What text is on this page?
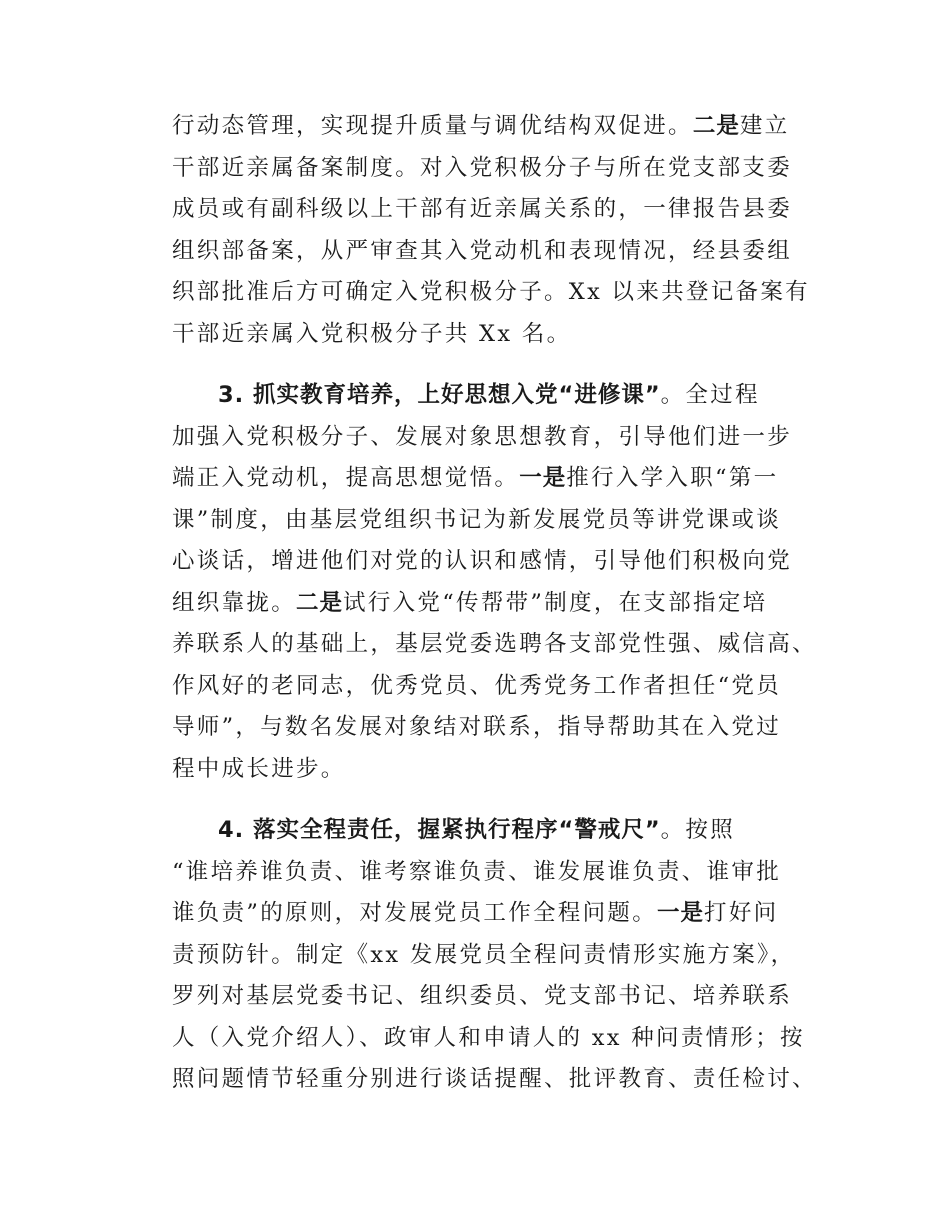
行动态管理，实现提升质量与调优结构双促进。二是建立
干部近亲属备案制度。对入党积极分子与所在党支部支委
成员或有副科级以上干部有近亲属关系的，一律报告县委
组织部备案，从严审查其入党动机和表现情况，经县委组
织部批准后方可确定入党积极分子。Xx 以来共登记备案有
干部近亲属入党积极分子共 Xx 名。
3. 抓实教育培养，上好思想入党“进修课”。全过程
加强入党积极分子、发展对象思想教育，引导他们进一步
端正入党动机，提高思想觉悟。一是推行入学入职“第一
课”制度，由基层党组织书记为新发展党员等讲党课或谈
心谈话，增进他们对党的认识和感情，引导他们积极向党
组织靠拢。二是试行入党“传帮带”制度，在支部指定培
养联系人的基础上，基层党委选聘各支部党性强、威信高、
作风好的老同志，优秀党员、优秀党务工作者担任“党员
导师”，与数名发展对象结对联系，指导帮助其在入党过
程中成长进步。
4. 落实全程责任，握紧执行程序“警戒尺”。按照
“谁培养谁负责、谁考察谁负责、谁发展谁负责、谁审批
谁负责”的原则，对发展党员工作全程问题。一是打好问
责预防针。制定《xx 发展党员全程问责情形实施方案》，
罗列对基层党委书记、组织委员、党支部书记、培养联系
人（入党介绍人）、政审人和申请人的 xx 种问责情形；按
照问题情节轻重分别进行谈话提醒、批评教育、责任检讨、
